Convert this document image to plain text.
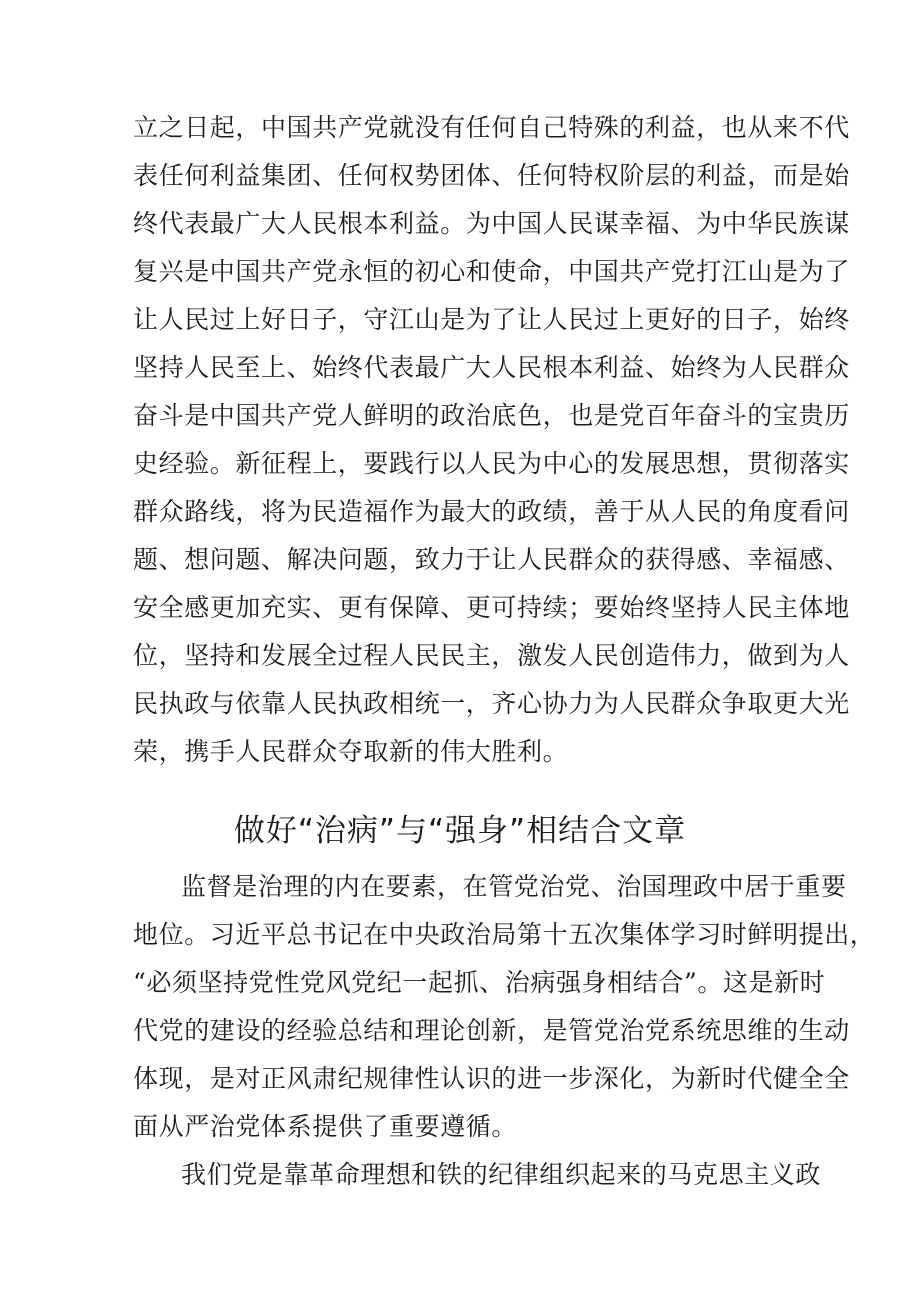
立之日起，中国共产党就没有任何自己特殊的利益，也从来不代
表任何利益集团、任何权势团体、任何特权阶层的利益，而是始
终代表最广大人民根本利益。为中国人民谋幸福、为中华民族谋
复兴是中国共产党永恒的初心和使命，中国共产党打江山是为了
让人民过上好日子，守江山是为了让人民过上更好的日子，始终
坚持人民至上、始终代表最广大人民根本利益、始终为人民群众
奋斗是中国共产党人鲜明的政治底色，也是党百年奋斗的宝贵历
史经验。新征程上，要践行以人民为中心的发展思想，贯彻落实
群众路线，将为民造福作为最大的政绩，善于从人民的角度看问
题、想问题、解决问题，致力于让人民群众的获得感、幸福感、
安全感更加充实、更有保障、更可持续；要始终坚持人民主体地
位，坚持和发展全过程人民民主，激发人民创造伟力，做到为人
民执政与依靠人民执政相统一，齐心协力为人民群众争取更大光
荣，携手人民群众夺取新的伟大胜利。
做好“治病”与“强身”相结合文章
监督是治理的内在要素，在管党治党、治国理政中居于重要
地位。习近平总书记在中央政治局第十五次集体学习时鲜明提出，
“必须坚持党性党风党纪一起抓、治病强身相结合”。这是新时
代党的建设的经验总结和理论创新，是管党治党系统思维的生动
体现，是对正风肃纪规律性认识的进一步深化，为新时代健全全
面从严治党体系提供了重要遵循。
我们党是靠革命理想和铁的纪律组织起来的马克思主义政
